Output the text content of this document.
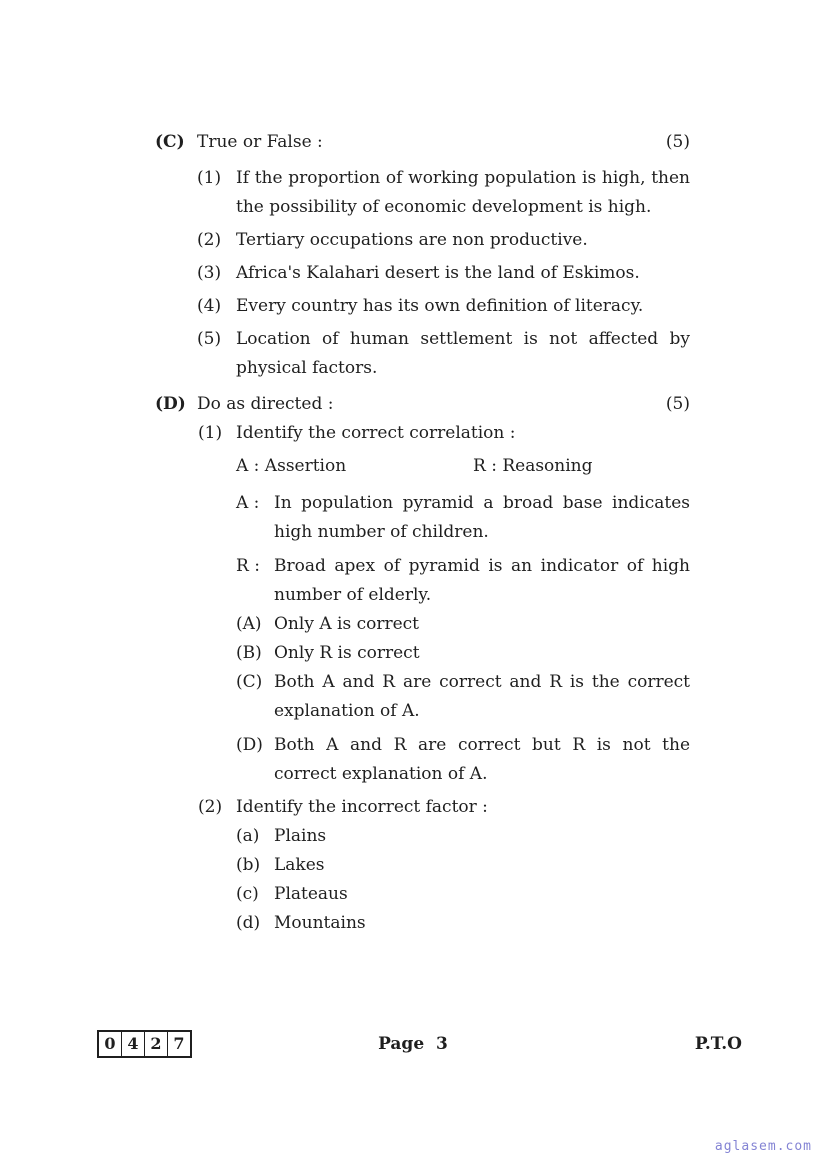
(C) True or False :	(5)
(1) If the proportion of working population is high, then the possibility of economic development is high.
(2) Tertiary occupations are non productive.
(3) Africa's Kalahari desert is the land of Eskimos.
(4) Every country has its own definition of literacy.
(5) Location of human settlement is not affected by physical factors.
(D) Do as directed :	(5)
(1) Identify the correct correlation :
A : Assertion	R : Reasoning
A : In population pyramid a broad base indicates high number of children.
R : Broad apex of pyramid is an indicator of high number of elderly.
(A) Only A is correct
(B) Only R is correct
(C) Both A and R are correct and R is the correct explanation of A.
(D) Both A and R are correct but R is not the correct explanation of A.
(2) Identify the incorrect factor :
(a) Plains
(b) Lakes
(c) Plateaus
(d) Mountains
0 4 2 7	Page 3	P.T.O
aglasem.com
